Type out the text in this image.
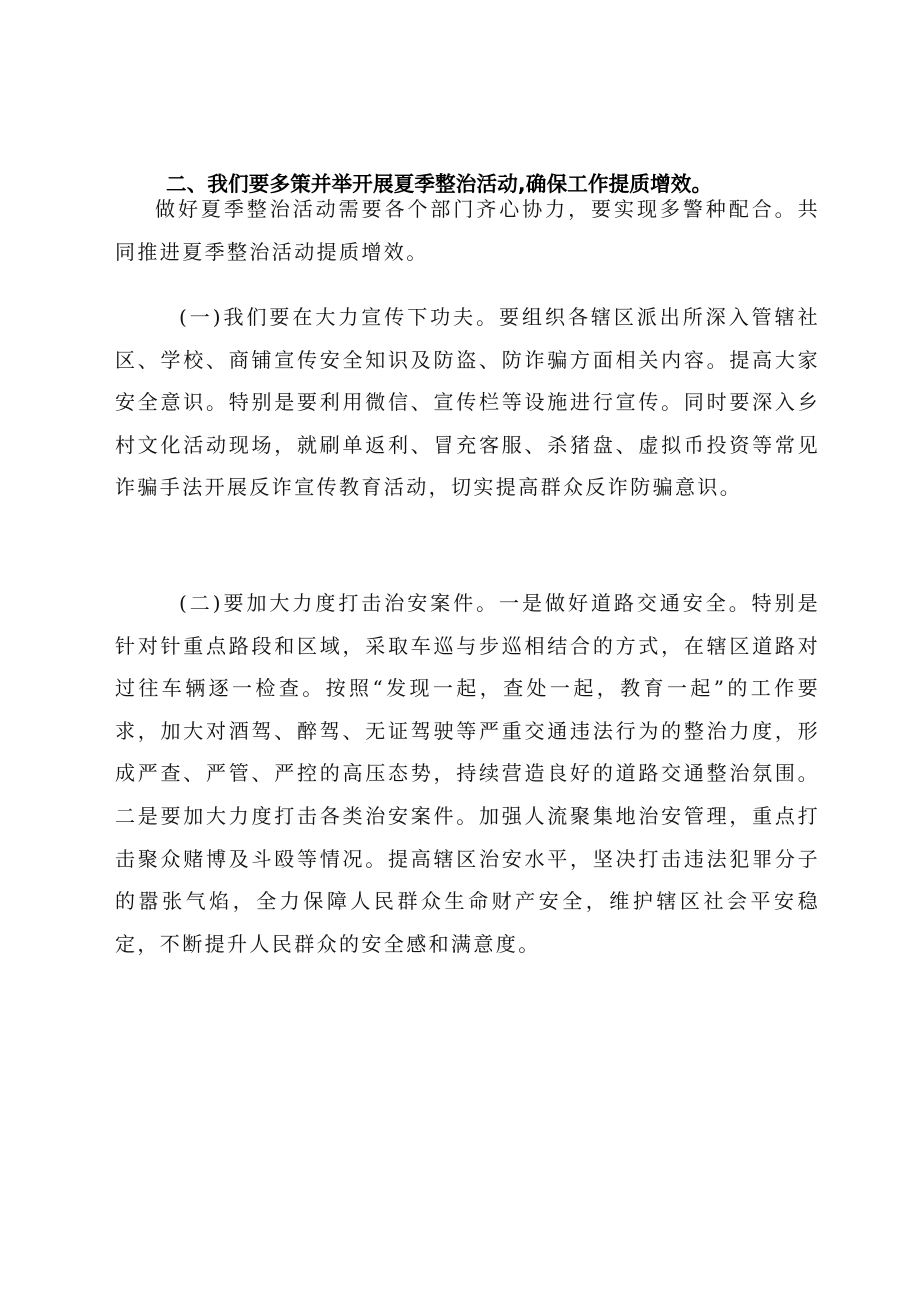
二、我们要多策并举开展夏季整治活动,确保工作提质增效。

做好夏季整治活动需要各个部门齐心协力，要实现多警种配合。共同推进夏季整治活动提质增效。

(一)我们要在大力宣传下功夫。要组织各辖区派出所深入管辖社区、学校、商铺宣传安全知识及防盗、防诈骗方面相关内容。提高大家安全意识。特别是要利用微信、宣传栏等设施进行宣传。同时要深入乡村文化活动现场，就刷单返利、冒充客服、杀猪盘、虚拟币投资等常见诈骗手法开展反诈宣传教育活动，切实提高群众反诈防骗意识。

(二)要加大力度打击治安案件。一是做好道路交通安全。特别是针对针重点路段和区域，采取车巡与步巡相结合的方式，在辖区道路对过往车辆逐一检查。按照“发现一起，查处一起，教育一起”的工作要求，加大对酒驾、醉驾、无证驾驶等严重交通违法行为的整治力度，形成严查、严管、严控的高压态势，持续营造良好的道路交通整治氛围。二是要加大力度打击各类治安案件。加强人流聚集地治安管理，重点打击聚众赌博及斗殴等情况。提高辖区治安水平，坚决打击违法犯罪分子的嚣张气焰，全力保障人民群众生命财产安全，维护辖区社会平安稳定，不断提升人民群众的安全感和满意度。
